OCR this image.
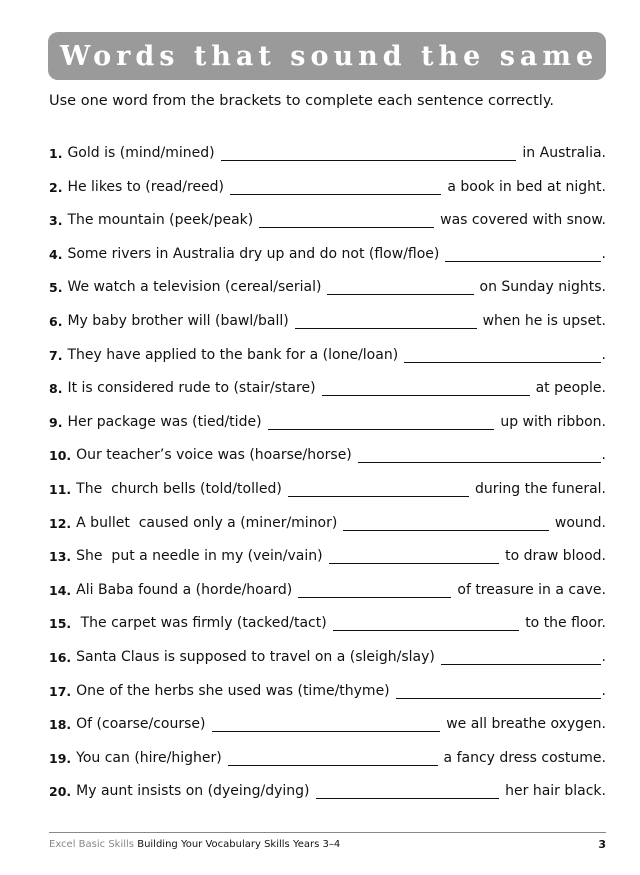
Words that sound the same 1
Use one word from the brackets to complete each sentence correctly.
1. Gold is (mind/mined)	in Australia.
2. He likes to (read/reed)	a book in bed at night.
3. The mountain (peek/peak)	was covered with snow.
4. Some rivers in Australia dry up and do not (flow/floe)	.
5. We watch a television (cereal/serial)	on Sunday nights.
6. My baby brother will (bawl/ball)	when he is upset.
7. They have applied to the bank for a (lone/loan)	.
8. It is considered rude to (stair/stare)	at people.
9. Her package was (tied/tide)	up with ribbon.
10. Our teacher’s voice was (hoarse/horse)	.
11. The  church bells (told/tolled)	during the funeral.
12. A bullet  caused only a (miner/minor)	wound.
13. She  put a needle in my (vein/vain)	to draw blood.
14. Ali Baba found a (horde/hoard)	of treasure in a cave.
15. The carpet was firmly (tacked/tact)	to the floor.
16. Santa Claus is supposed to travel on a (sleigh/slay)	.
17. One of the herbs she used was (time/thyme)	.
18. Of (coarse/course)	we all breathe oxygen.
19. You can (hire/higher)	a fancy dress costume.
20. My aunt insists on (dyeing/dying)	her hair black.
Excel Basic Skills Building Your Vocabulary Skills Years 3–4	3
